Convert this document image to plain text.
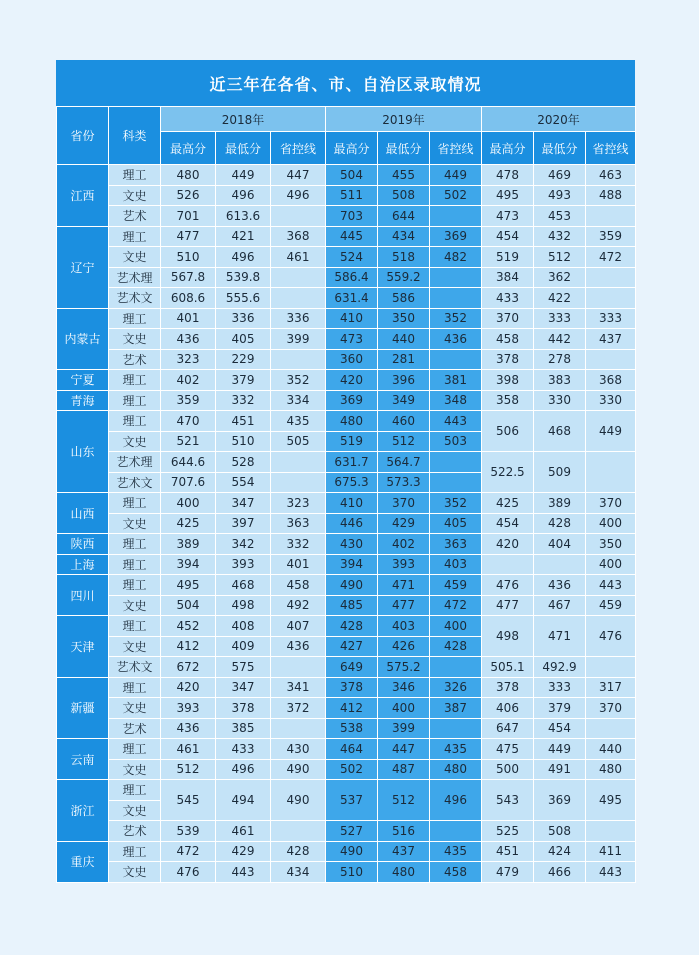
近三年在各省、市、自治区录取情况
省份	科类	2018年			2019年			2020年		
		最高分	最低分	省控线	最高分	最低分	省控线	最高分	最低分	省控线
江西	理工	480	449	447	504	455	449	478	469	463
	文史	526	496	496	511	508	502	495	493	488
	艺术	701	613.6		703	644		473	453	
辽宁	理工	477	421	368	445	434	369	454	432	359
	文史	510	496	461	524	518	482	519	512	472
	艺术理	567.8	539.8		586.4	559.2		384	362	
	艺术文	608.6	555.6		631.4	586		433	422	
内蒙古	理工	401	336	336	410	350	352	370	333	333
	文史	436	405	399	473	440	436	458	442	437
	艺术	323	229		360	281		378	278	
宁夏	理工	402	379	352	420	396	381	398	383	368
青海	理工	359	332	334	369	349	348	358	330	330
山东	理工	470	451	435	480	460	443	506	468	449
	文史	521	510	505	519	512	503			
	艺术理	644.6	528		631.7	564.7		522.5	509	
	艺术文	707.6	554		675.3	573.3				
山西	理工	400	347	323	410	370	352	425	389	370
	文史	425	397	363	446	429	405	454	428	400
陕西	理工	389	342	332	430	402	363	420	404	350
上海	理工	394	393	401	394	393	403			400
四川	理工	495	468	458	490	471	459	476	436	443
	文史	504	498	492	485	477	472	477	467	459
天津	理工	452	408	407	428	403	400	498	471	476
	文史	412	409	436	427	426	428			
	艺术文	672	575		649	575.2		505.1	492.9	
新疆	理工	420	347	341	378	346	326	378	333	317
	文史	393	378	372	412	400	387	406	379	370
	艺术	436	385		538	399		647	454	
云南	理工	461	433	430	464	447	435	475	449	440
	文史	512	496	490	502	487	480	500	491	480
浙江	理工	545	494	490	537	512	496	543	369	495
	文史									
	艺术	539	461		527	516		525	508	
重庆	理工	472	429	428	490	437	435	451	424	411
	文史	476	443	434	510	480	458	479	466	443
